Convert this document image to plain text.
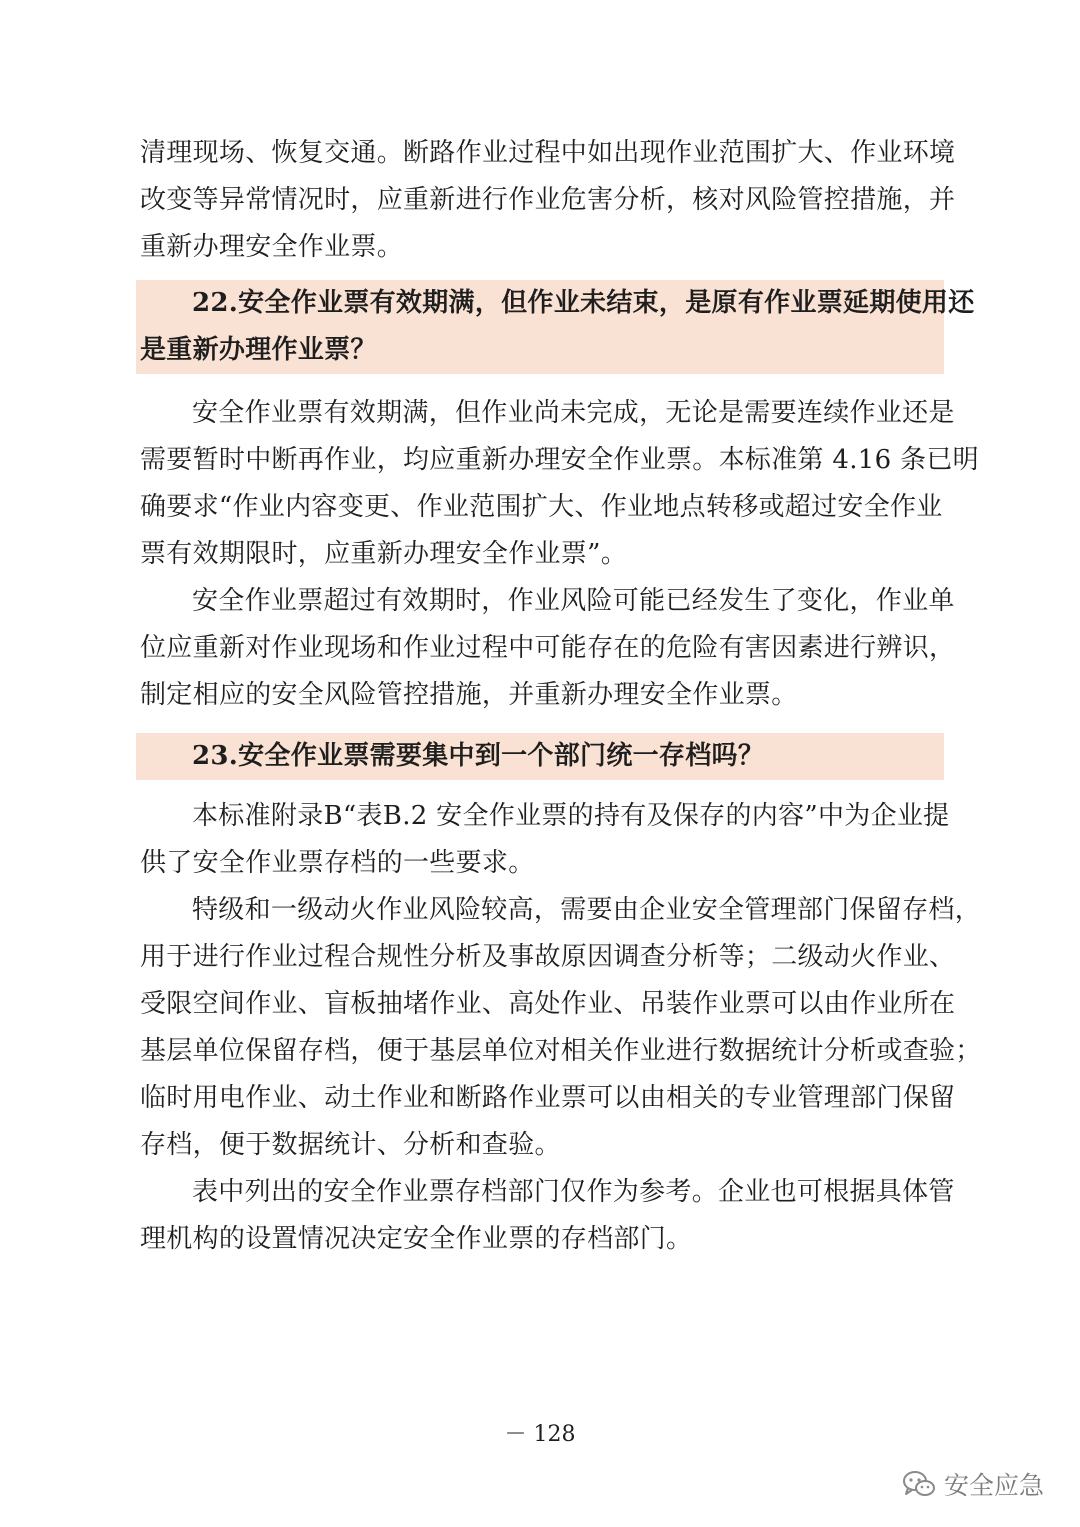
清理现场、恢复交通。断路作业过程中如出现作业范围扩大、作业环境
改变等异常情况时，应重新进行作业危害分析，核对风险管控措施，并
重新办理安全作业票。
22.安全作业票有效期满，但作业未结束，是原有作业票延期使用还
是重新办理作业票？
安全作业票有效期满，但作业尚未完成，无论是需要连续作业还是
需要暂时中断再作业，均应重新办理安全作业票。本标准第 4.16 条已明
确要求“作业内容变更、作业范围扩大、作业地点转移或超过安全作业
票有效期限时，应重新办理安全作业票”。
安全作业票超过有效期时，作业风险可能已经发生了变化，作业单
位应重新对作业现场和作业过程中可能存在的危险有害因素进行辨识，
制定相应的安全风险管控措施，并重新办理安全作业票。
23.安全作业票需要集中到一个部门统一存档吗？
本标准附录B“表B.2 安全作业票的持有及保存的内容”中为企业提
供了安全作业票存档的一些要求。
特级和一级动火作业风险较高，需要由企业安全管理部门保留存档，
用于进行作业过程合规性分析及事故原因调查分析等；二级动火作业、
受限空间作业、盲板抽堵作业、高处作业、吊装作业票可以由作业所在
基层单位保留存档，便于基层单位对相关作业进行数据统计分析或查验；
临时用电作业、动土作业和断路作业票可以由相关的专业管理部门保留
存档，便于数据统计、分析和查验。
表中列出的安全作业票存档部门仅作为参考。企业也可根据具体管
理机构的设置情况决定安全作业票的存档部门。
－ 128
安全应急
